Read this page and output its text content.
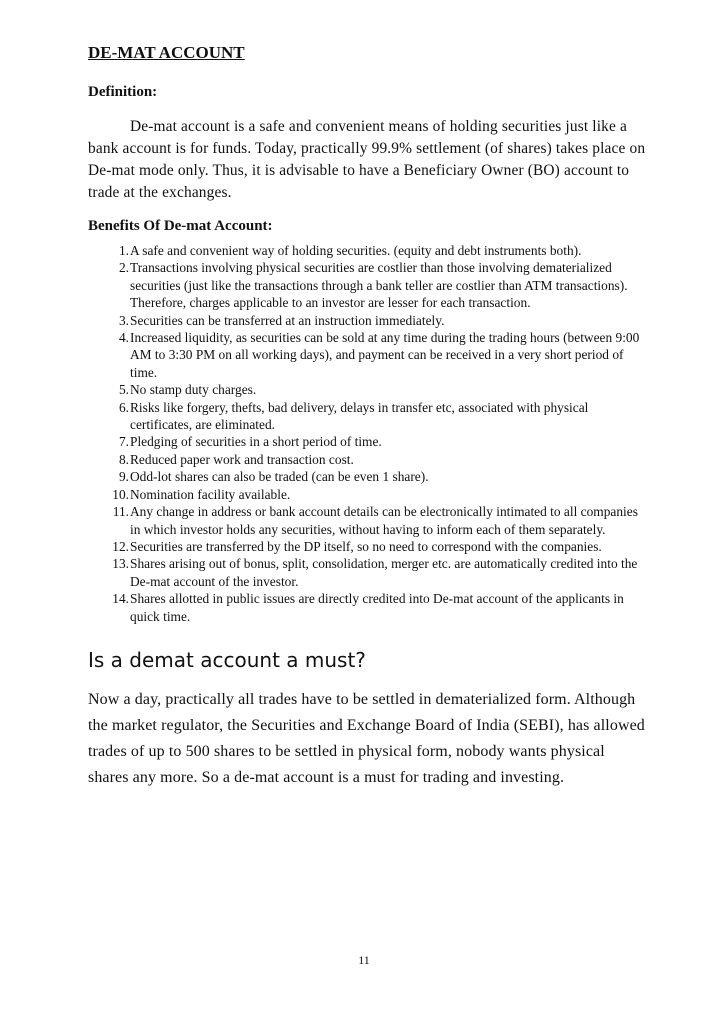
DE-MAT ACCOUNT
Definition:
De-mat account is a safe and convenient means of holding securities just like a bank account is for funds. Today, practically 99.9% settlement (of shares) takes place on De-mat mode only. Thus, it is advisable to have a Beneficiary Owner (BO) account to trade at the exchanges.
Benefits Of De-mat Account:
1. A safe and convenient way of holding securities. (equity and debt instruments both).
2. Transactions involving physical securities are costlier than those involving dematerialized securities (just like the transactions through a bank teller are costlier than ATM transactions). Therefore, charges applicable to an investor are lesser for each transaction.
3. Securities can be transferred at an instruction immediately.
4. Increased liquidity, as securities can be sold at any time during the trading hours (between 9:00 AM to 3:30 PM on all working days), and payment can be received in a very short period of time.
5. No stamp duty charges.
6. Risks like forgery, thefts, bad delivery, delays in transfer etc, associated with physical certificates, are eliminated.
7. Pledging of securities in a short period of time.
8. Reduced paper work and transaction cost.
9. Odd-lot shares can also be traded (can be even 1 share).
10. Nomination facility available.
11. Any change in address or bank account details can be electronically intimated to all companies in which investor holds any securities, without having to inform each of them separately.
12. Securities are transferred by the DP itself, so no need to correspond with the companies.
13. Shares arising out of bonus, split, consolidation, merger etc. are automatically credited into the De-mat account of the investor.
14. Shares allotted in public issues are directly credited into De-mat account of the applicants in quick time.
Is a demat account a must?
Now a day, practically all trades have to be settled in dematerialized form. Although the market regulator, the Securities and Exchange Board of India (SEBI), has allowed trades of up to 500 shares to be settled in physical form, nobody wants physical shares any more. So a de-mat account is a must for trading and investing.
11
